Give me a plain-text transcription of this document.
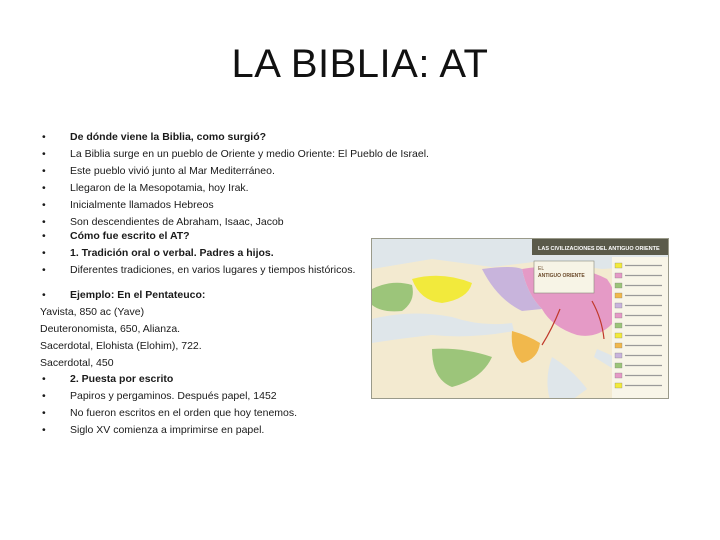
LA BIBLIA: AT
•	De dónde viene la Biblia, como surgió?
•	La Biblia surge en un pueblo de Oriente y medio Oriente: El Pueblo de Israel.
•	Este pueblo vivió junto al Mar Mediterráneo.
•	Llegaron de la Mesopotamia, hoy Irak.
•	Inicialmente llamados Hebreos
•	Son descendientes de Abraham, Isaac, Jacob
•	Cómo fue escrito el AT?
•	1. Tradición oral o verbal. Padres a hijos.
•	Diferentes tradiciones, en varios lugares y tiempos históricos.
•	Ejemplo: En el Pentateuco:
Yavista, 850 ac (Yave)
Deuteronomista, 650, Alianza.
Sacerdotal, Elohista (Elohim), 722.
Sacerdotal, 450
•	2. Puesta por escrito
•	Papiros y pergaminos. Después papel, 1452
•	No fueron escritos en el orden que hoy tenemos.
•	Siglo XV comienza a imprimirse en papel.
LAS CIVILIZACIONES DEL ANTIGUO ORIENTE
EL
ANTIGUO ORIENTE
